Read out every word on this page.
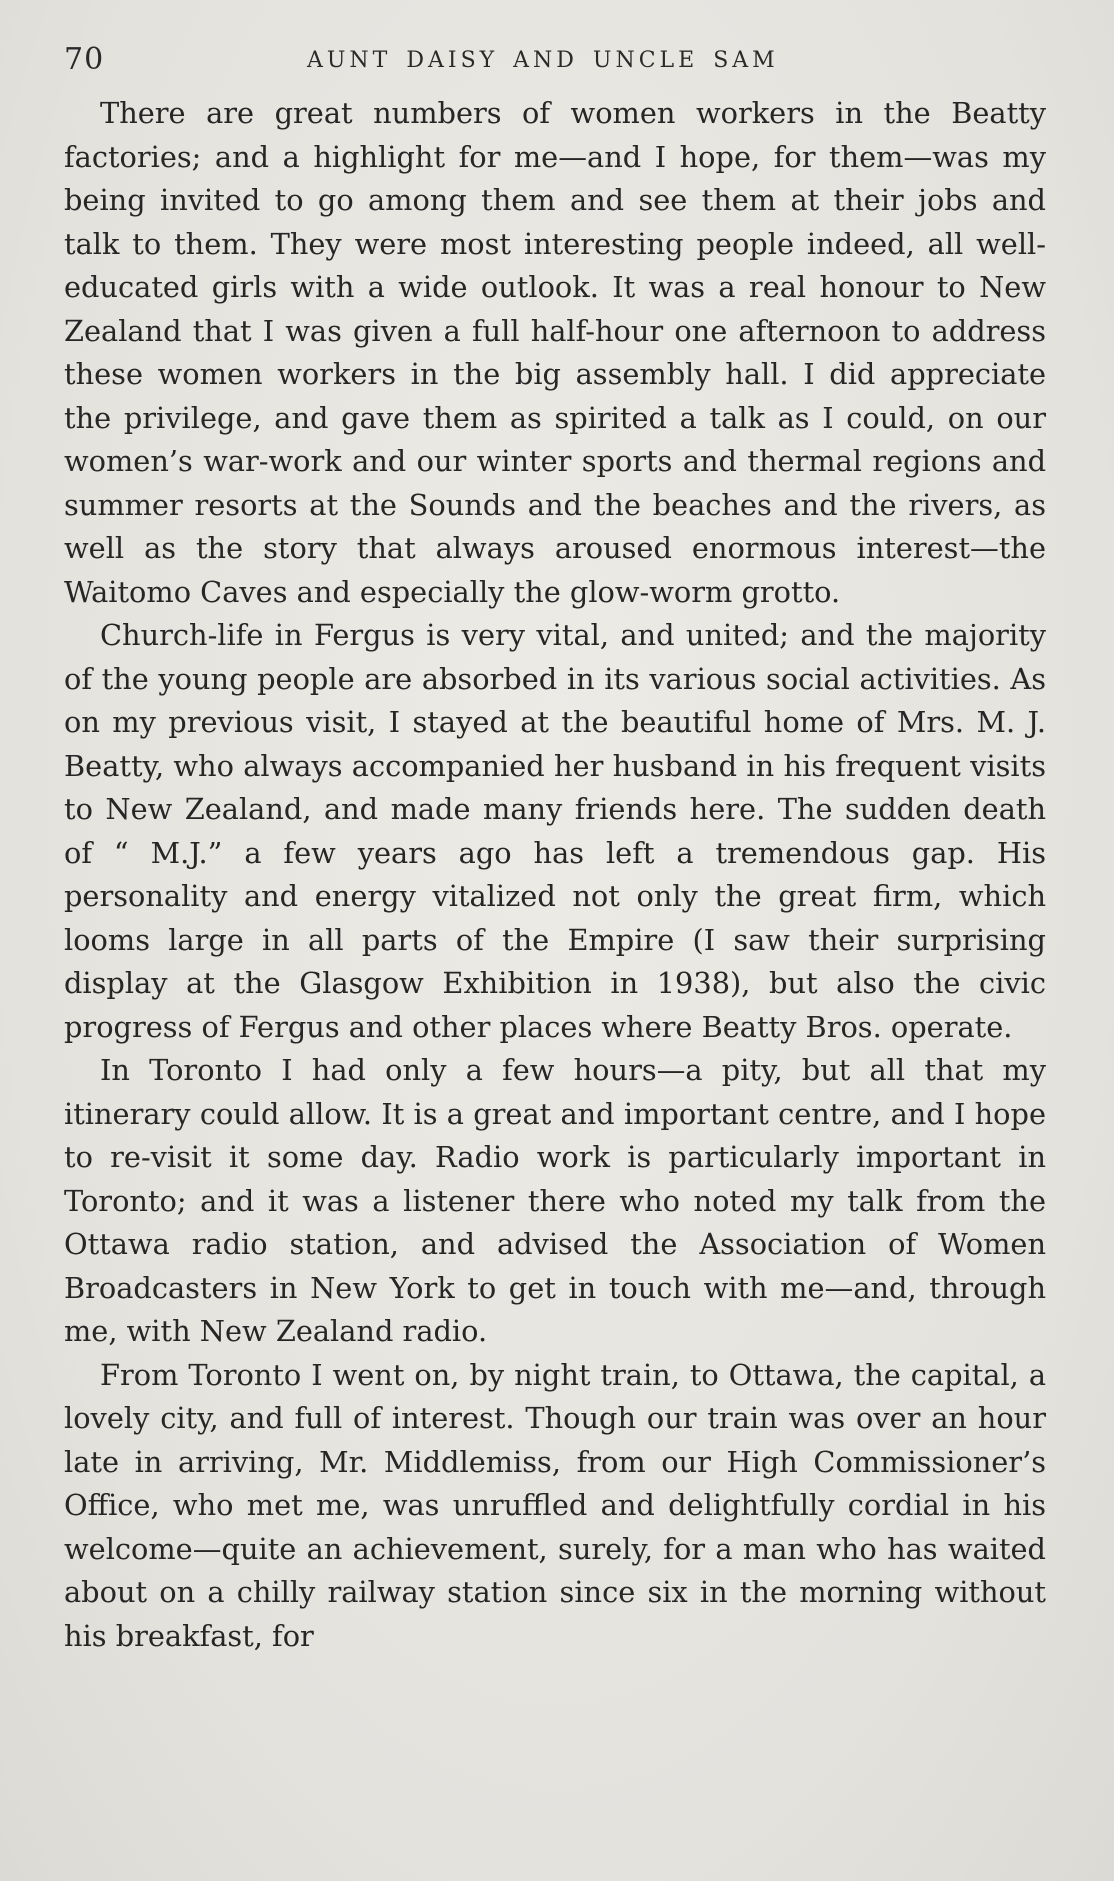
70	AUNT DAISY AND UNCLE SAM

There are great numbers of women workers in the Beatty factories; and a highlight for me—and I hope, for them—was my being invited to go among them and see them at their jobs and talk to them. They were most interesting people indeed, all well-educated girls with a wide outlook. It was a real honour to New Zealand that I was given a full half-hour one afternoon to address these women workers in the big assembly hall. I did appreciate the privilege, and gave them as spirited a talk as I could, on our women’s war-work and our winter sports and thermal regions and summer resorts at the Sounds and the beaches and the rivers, as well as the story that always aroused enormous interest—the Waitomo Caves and especially the glow-worm grotto.

Church-life in Fergus is very vital, and united; and the majority of the young people are absorbed in its various social activities. As on my previous visit, I stayed at the beautiful home of Mrs. M. J. Beatty, who always accompanied her husband in his frequent visits to New Zealand, and made many friends here. The sudden death of “ M.J.” a few years ago has left a tremendous gap. His personality and energy vitalized not only the great firm, which looms large in all parts of the Empire (I saw their surprising display at the Glasgow Exhibition in 1938), but also the civic progress of Fergus and other places where Beatty Bros. operate.

In Toronto I had only a few hours—a pity, but all that my itinerary could allow. It is a great and important centre, and I hope to re-visit it some day. Radio work is particularly important in Toronto; and it was a listener there who noted my talk from the Ottawa radio station, and advised the Association of Women Broadcasters in New York to get in touch with me—and, through me, with New Zealand radio.

From Toronto I went on, by night train, to Ottawa, the capital, a lovely city, and full of interest. Though our train was over an hour late in arriving, Mr. Middlemiss, from our High Commissioner’s Office, who met me, was unruffled and delightfully cordial in his welcome—quite an achievement, surely, for a man who has waited about on a chilly railway station since six in the morning without his breakfast, for
